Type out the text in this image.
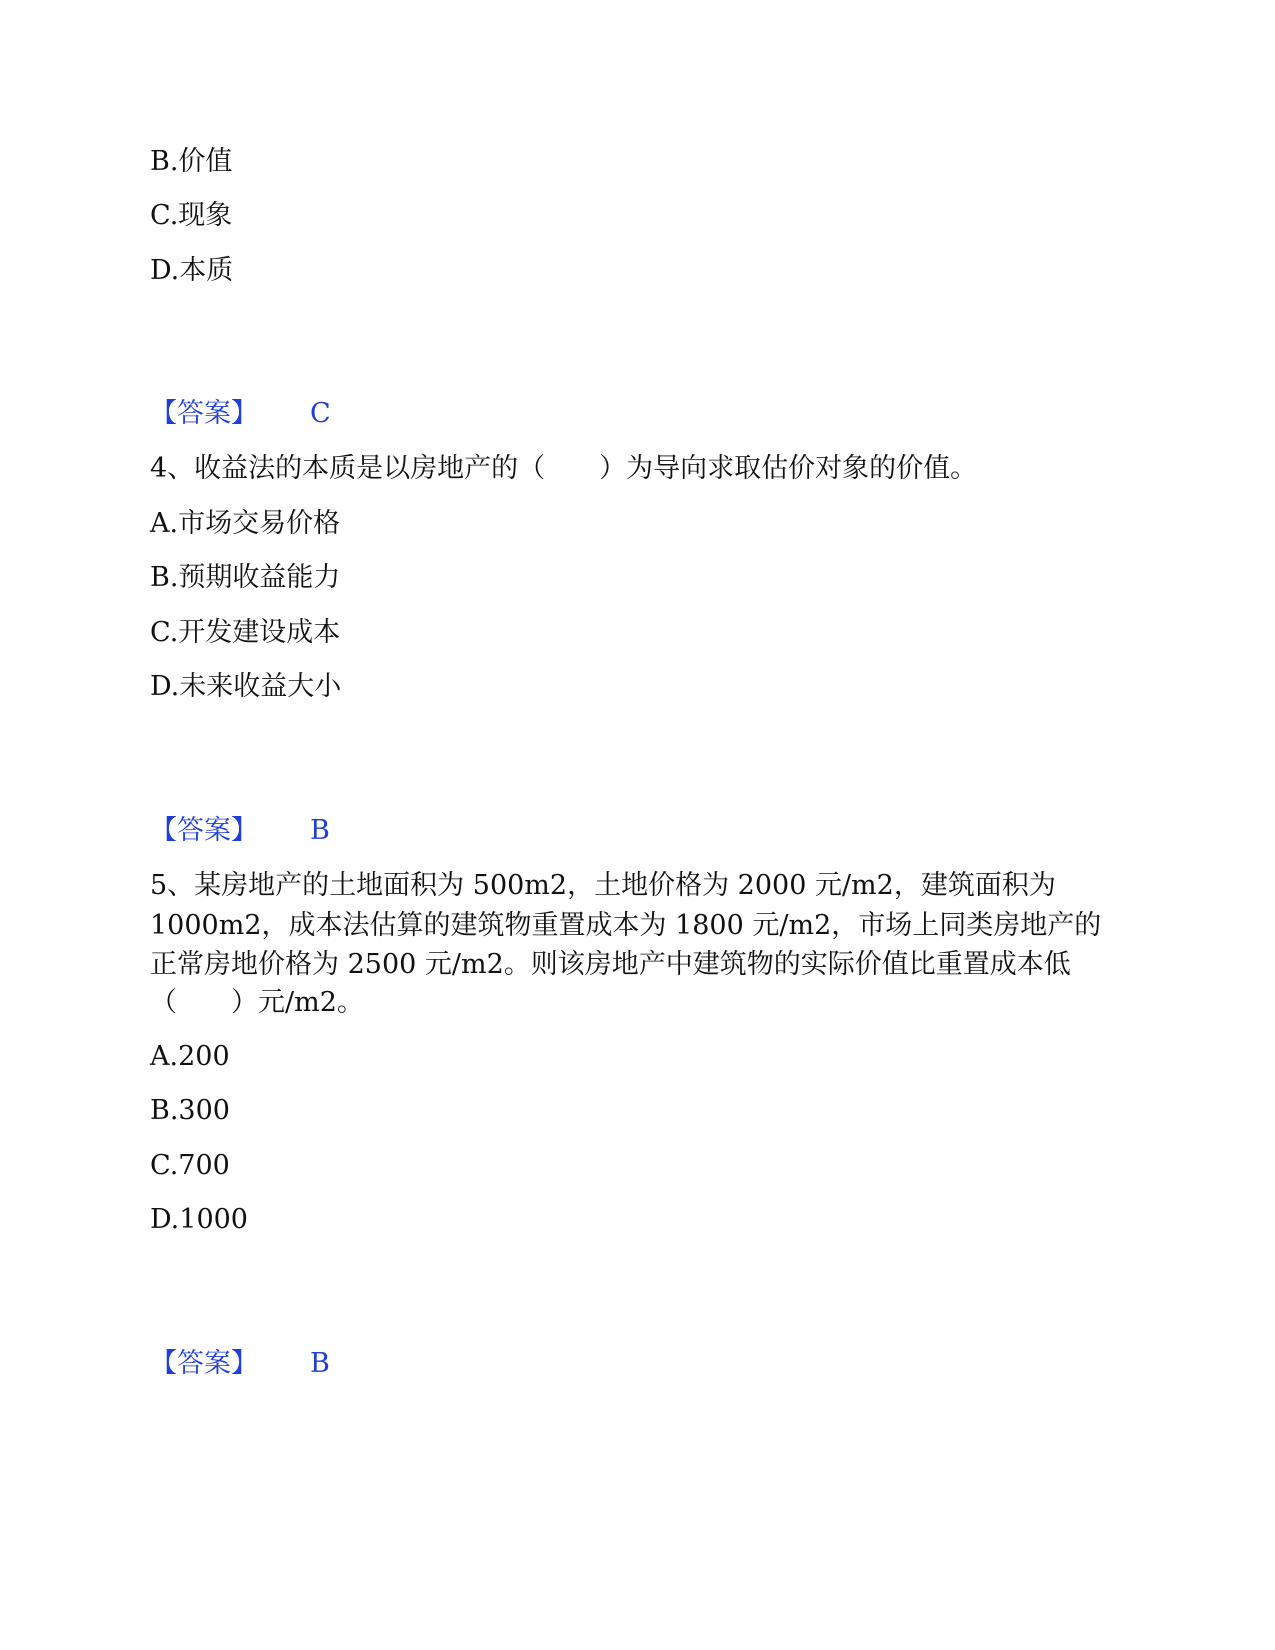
B.价值
C.现象
D.本质
【答案】 C
4、收益法的本质是以房地产的（　　）为导向求取估价对象的价值。
A.市场交易价格
B.预期收益能力
C.开发建设成本
D.未来收益大小
【答案】 B
5、某房地产的土地面积为 500m2，土地价格为 2000 元/m2，建筑面积为
1000m2，成本法估算的建筑物重置成本为 1800 元/m2，市场上同类房地产的
正常房地价格为 2500 元/m2。则该房地产中建筑物的实际价值比重置成本低
（　　）元/m2。
A.200
B.300
C.700
D.1000
【答案】 B
